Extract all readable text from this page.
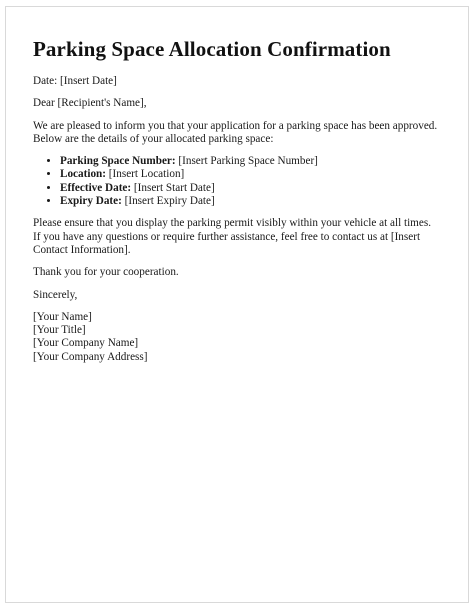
Parking Space Allocation Confirmation

Date: [Insert Date]

Dear [Recipient's Name],

We are pleased to inform you that your application for a parking space has been approved. Below are the details of your allocated parking space:

• Parking Space Number: [Insert Parking Space Number]
• Location: [Insert Location]
• Effective Date: [Insert Start Date]
• Expiry Date: [Insert Expiry Date]

Please ensure that you display the parking permit visibly within your vehicle at all times. If you have any questions or require further assistance, feel free to contact us at [Insert Contact Information].

Thank you for your cooperation.

Sincerely,

[Your Name]

[Your Title]

[Your Company Name]

[Your Company Address]
